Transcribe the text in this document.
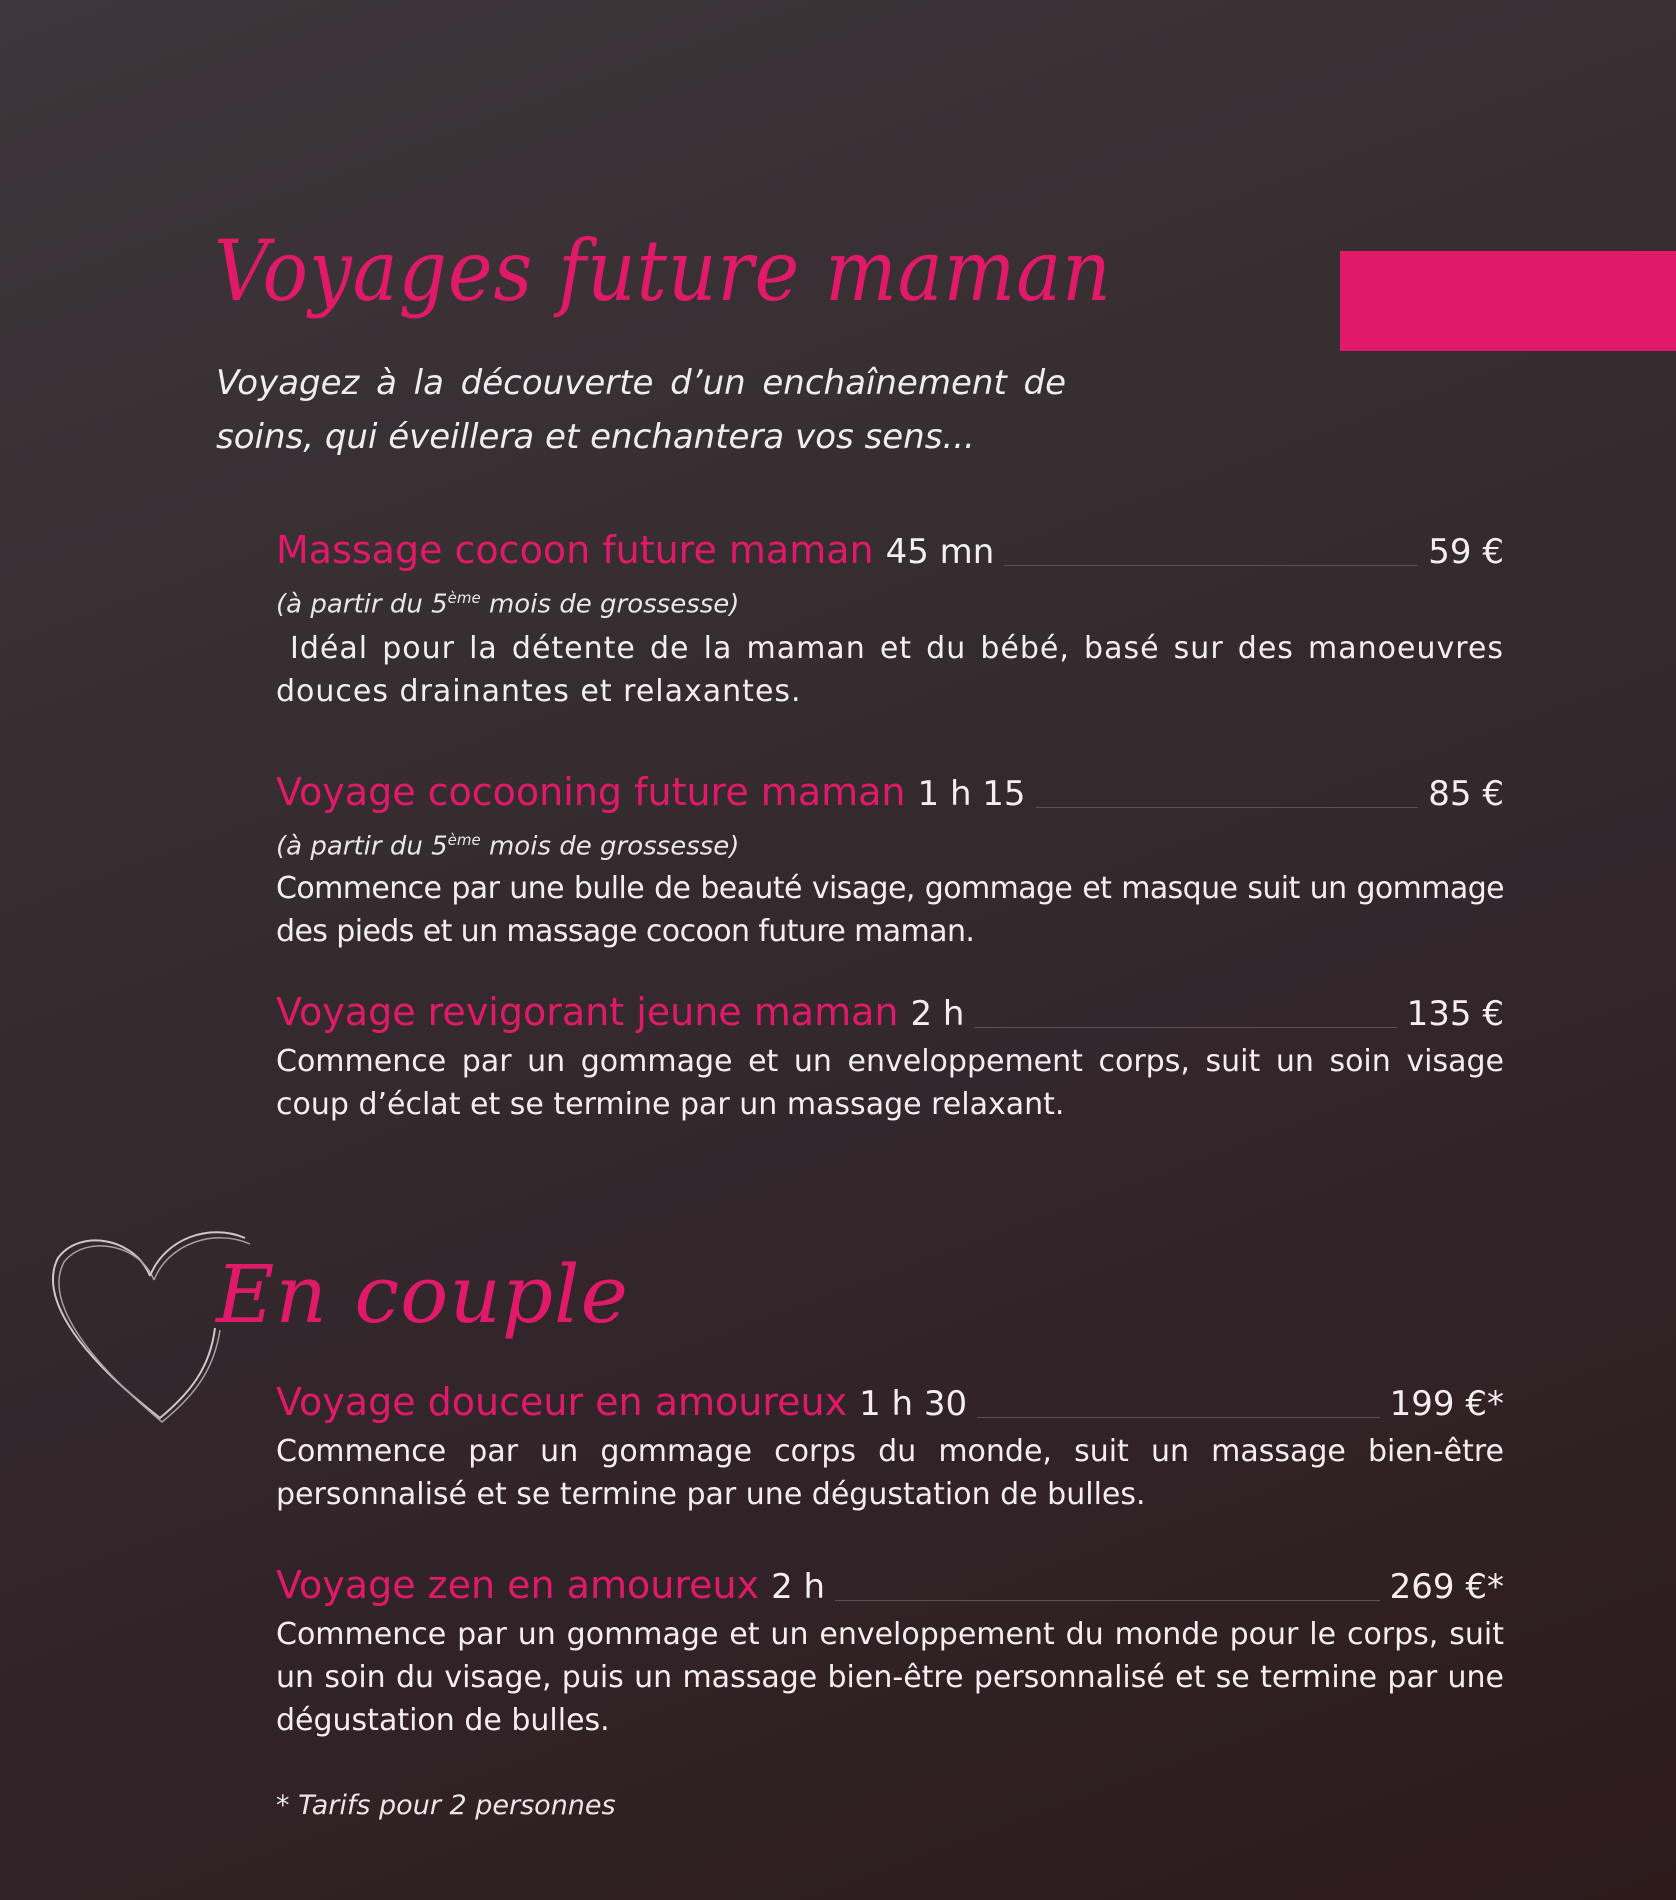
Voyages future maman
Voyagez à la découverte d’un enchaînement de soins, qui éveillera et enchantera vos sens...
Massage cocoon future maman 45 mn	59 €
(à partir du 5ème mois de grossesse)
Idéal pour la détente de la maman et du bébé, basé sur des manoeuvres douces drainantes et relaxantes.
Voyage cocooning future maman 1 h 15	85 €
(à partir du 5ème mois de grossesse)
Commence par une bulle de beauté visage, gommage et masque suit un gommage des pieds et un massage cocoon future maman.
Voyage revigorant jeune maman 2 h	135 €
Commence par un gommage et un enveloppement corps, suit un soin visage coup d’éclat et se termine par un massage relaxant.
En couple
Voyage douceur en amoureux 1 h 30	199 €*
Commence par un gommage corps du monde, suit un massage bien-être personnalisé et se termine par une dégustation de bulles.
Voyage zen en amoureux 2 h	269 €*
Commence par un gommage et un enveloppement du monde pour le corps, suit un soin du visage, puis un massage bien-être personnalisé et se termine par une dégustation de bulles.
* Tarifs pour 2 personnes
